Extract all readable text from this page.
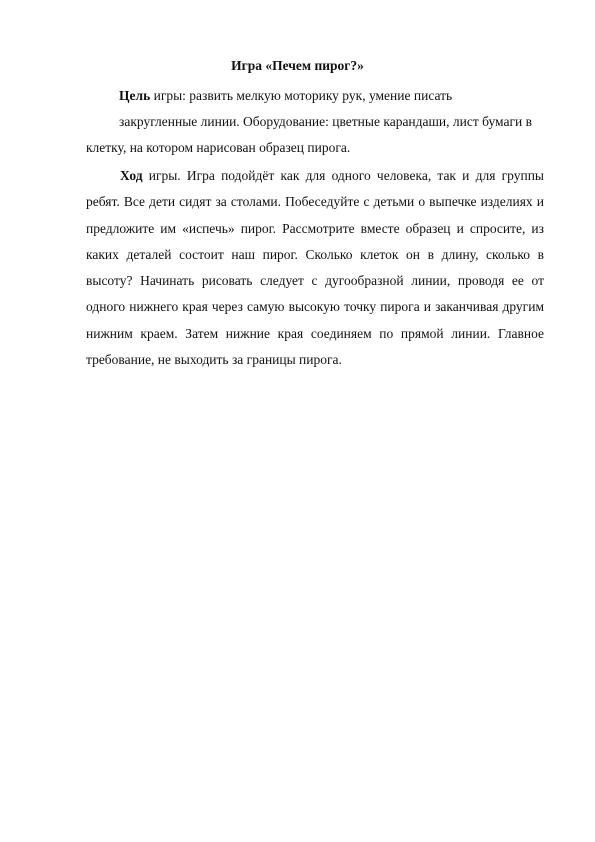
Игра «Печем пирог?»
Цель игры: развить мелкую моторику рук, умение писать
закругленные линии. Оборудование: цветные карандаши, лист бумаги в
клетку, на котором нарисован образец пирога.
Ход игры. Игра подойдёт как для одного человека, так и для группы ребят. Все дети сидят за столами. Побеседуйте с детьми о выпечке изделиях и предложите им «испечь» пирог. Рассмотрите вместе образец и спросите, из каких деталей состоит наш пирог. Сколько клеток он в длину, сколько в высоту? Начинать рисовать следует с дугообразной линии, проводя ее от одного нижнего края через самую высокую точку пирога и заканчивая другим нижним краем. Затем нижние края соединяем по прямой линии. Главное требование, не выходить за границы пирога.
